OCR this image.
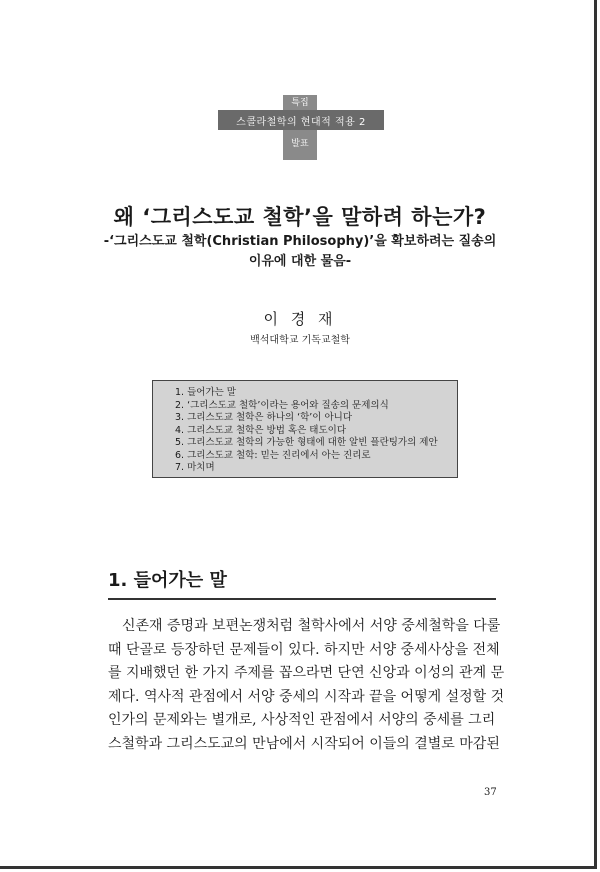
특집
스콜라철학의 현대적 적용 2
발표
왜 ‘그리스도교 철학’을 말하려 하는가?
-‘그리스도교 철학(Christian Philosophy)’을 확보하려는 질송의
이유에 대한 물음-
이 경 재
백석대학교 기독교철학
1. 들어가는 말
2. ‘그리스도교 철학’이라는 용어와 질송의 문제의식
3. 그리스도교 철학은 하나의 ‘학’이 아니다
4. 그리스도교 철학은 방법 혹은 태도이다
5. 그리스도교 철학의 가능한 형태에 대한 알빈 플란팅가의 제안
6. 그리스도교 철학: 믿는 진리에서 아는 진리로
7. 마치며
1. 들어가는 말
신존재 증명과 보편논쟁처럼 철학사에서 서양 중세철학을 다룰
때 단골로 등장하던 문제들이 있다. 하지만 서양 중세사상을 전체
를 지배했던 한 가지 주제를 꼽으라면 단연 신앙과 이성의 관계 문
제다. 역사적 관점에서 서양 중세의 시작과 끝을 어떻게 설정할 것
인가의 문제와는 별개로, 사상적인 관점에서 서양의 중세를 그리
스철학과 그리스도교의 만남에서 시작되어 이들의 결별로 마감된
37
